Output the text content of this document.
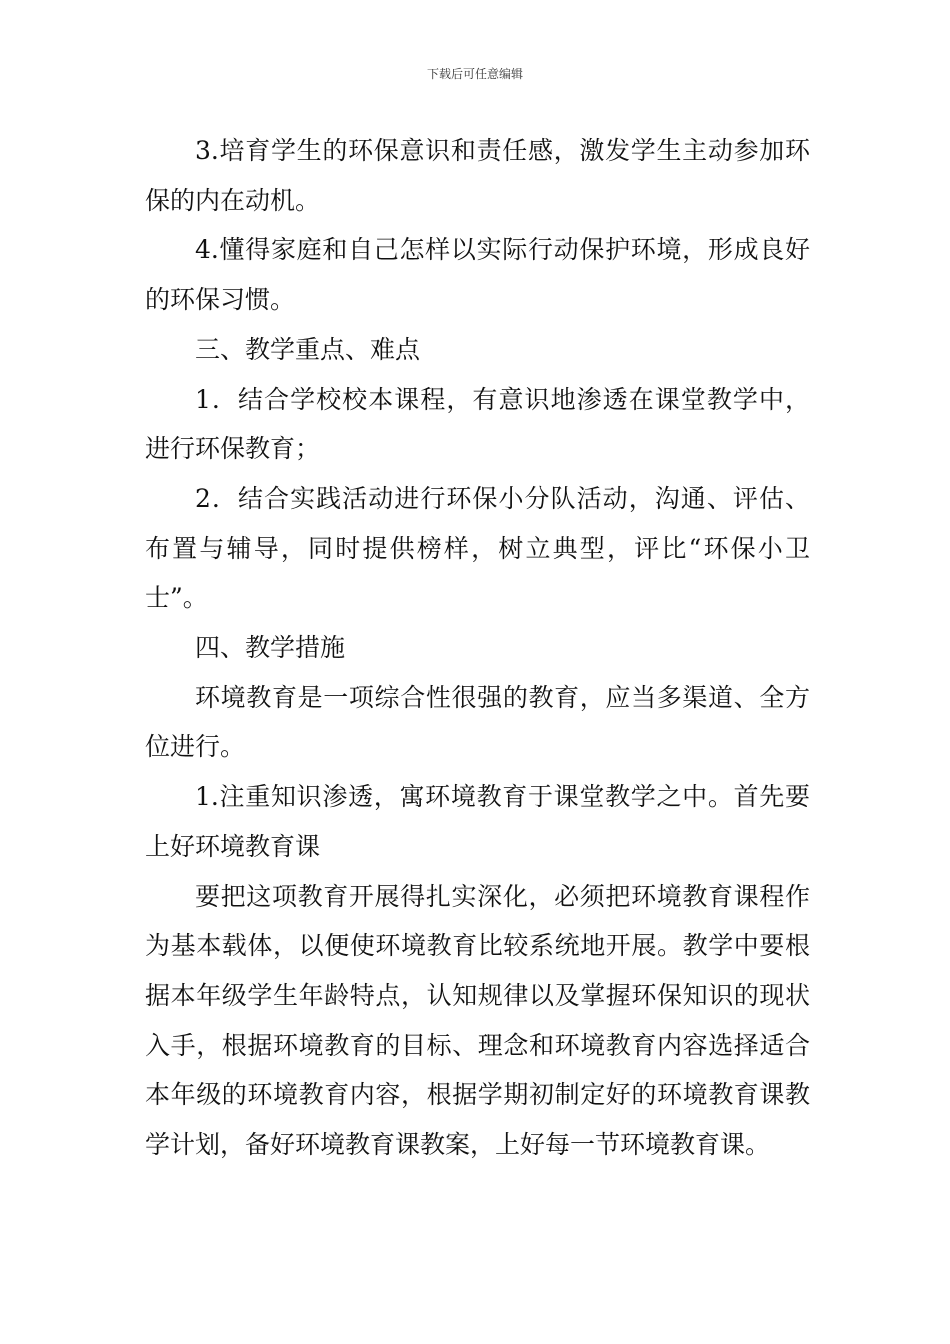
下载后可任意编辑

3.培育学生的环保意识和责任感，激发学生主动参加环保的内在动机。

4.懂得家庭和自己怎样以实际行动保护环境，形成良好的环保习惯。

三、教学重点、难点

1．结合学校校本课程，有意识地渗透在课堂教学中，进行环保教育；

2．结合实践活动进行环保小分队活动，沟通、评估、布置与辅导，同时提供榜样，树立典型，评比“环保小卫士”。

四、教学措施

环境教育是一项综合性很强的教育，应当多渠道、全方位进行。

1.注重知识渗透，寓环境教育于课堂教学之中。首先要上好环境教育课

要把这项教育开展得扎实深化，必须把环境教育课程作为基本载体，以便使环境教育比较系统地开展。教学中要根据本年级学生年龄特点，认知规律以及掌握环保知识的现状入手，根据环境教育的目标、理念和环境教育内容选择适合本年级的环境教育内容，根据学期初制定好的环境教育课教学计划，备好环境教育课教案，上好每一节环境教育课。
